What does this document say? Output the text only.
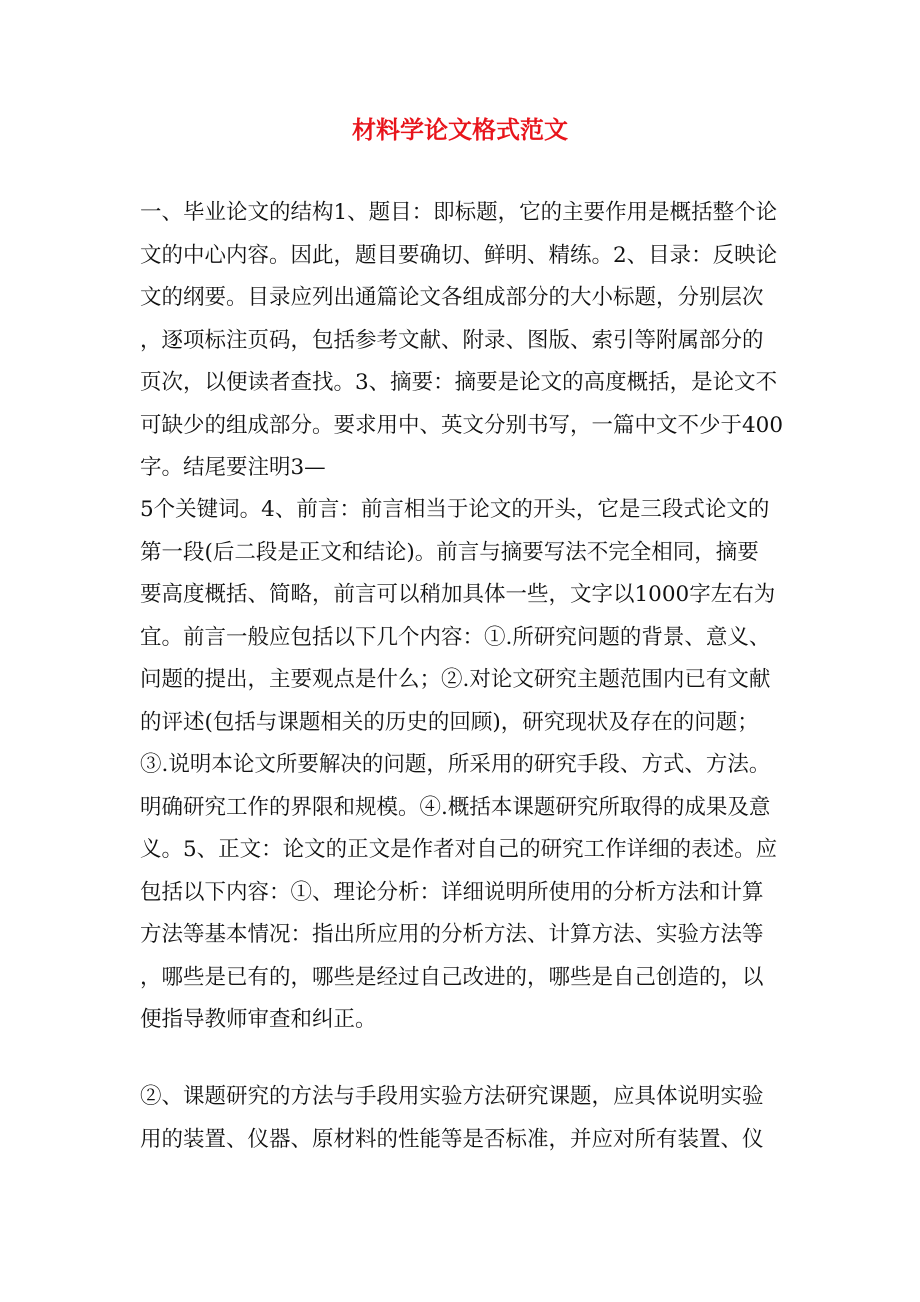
材料学论文格式范文
一、毕业论文的结构1、题目：即标题，它的主要作用是概括整个论
文的中心内容。因此，题目要确切、鲜明、精练。2、目录：反映论
文的纲要。目录应列出通篇论文各组成部分的大小标题，分别层次
，逐项标注页码，包括参考文献、附录、图版、索引等附属部分的
页次，以便读者查找。3、摘要：摘要是论文的高度概括，是论文不
可缺少的组成部分。要求用中、英文分别书写，一篇中文不少于400
字。结尾要注明3—
5个关键词。4、前言：前言相当于论文的开头，它是三段式论文的
第一段(后二段是正文和结论)。前言与摘要写法不完全相同，摘要
要高度概括、简略，前言可以稍加具体一些，文字以1000字左右为
宜。前言一般应包括以下几个内容：①.所研究问题的背景、意义、
问题的提出，主要观点是什么；②.对论文研究主题范围内已有文献
的评述(包括与课题相关的历史的回顾)，研究现状及存在的问题；
③.说明本论文所要解决的问题，所采用的研究手段、方式、方法。
明确研究工作的界限和规模。④.概括本课题研究所取得的成果及意
义。5、正文：论文的正文是作者对自己的研究工作详细的表述。应
包括以下内容：①、理论分析：详细说明所使用的分析方法和计算
方法等基本情况：指出所应用的分析方法、计算方法、实验方法等
，哪些是已有的，哪些是经过自己改进的，哪些是自己创造的，以
便指导教师审查和纠正。
②、课题研究的方法与手段用实验方法研究课题，应具体说明实验
用的装置、仪器、原材料的性能等是否标准，并应对所有装置、仪
